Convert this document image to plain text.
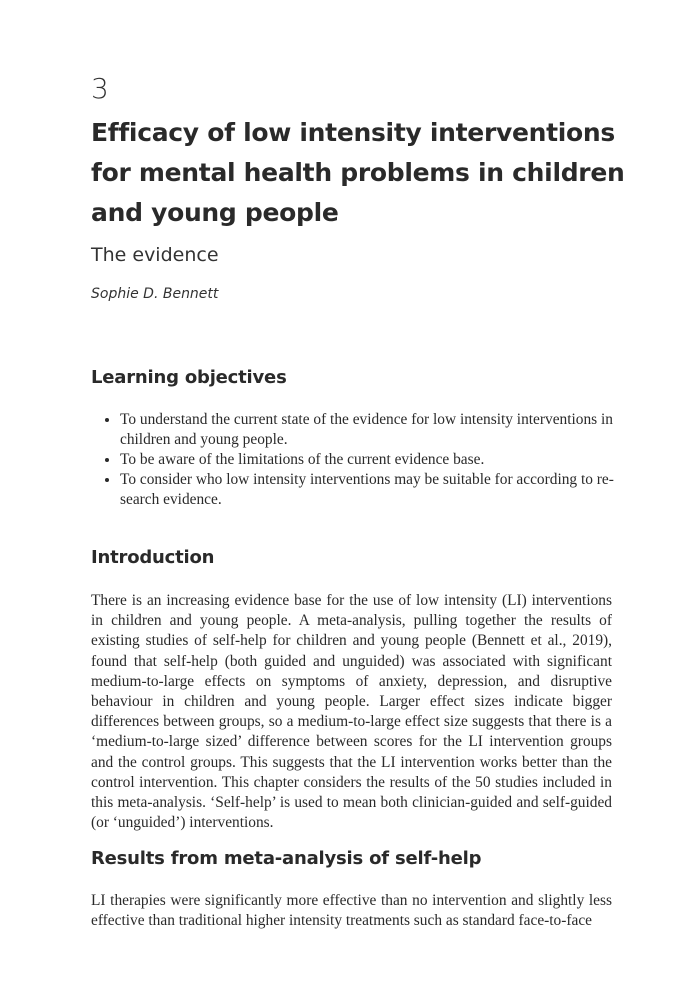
3
Efficacy of low intensity interventions for mental health problems in children and young people
The evidence
Sophie D. Bennett
Learning objectives
• To understand the current state of the evidence for low intensity interventions in children and young people.
• To be aware of the limitations of the current evidence base.
• To consider who low intensity interventions may be suitable for according to research evidence.
Introduction

There is an increasing evidence base for the use of low intensity (LI) interventions in children and young people. A meta-analysis, pulling together the results of existing studies of self-help for children and young people (Bennett et al., 2019), found that self-help (both guided and unguided) was associated with significant medium-to-large effects on symptoms of anxiety, depression, and disruptive behaviour in children and young people. Larger effect sizes indicate bigger differences between groups, so a medium-to-large effect size suggests that there is a ‘medium-to-large sized’ difference between scores for the LI intervention groups and the control groups. This suggests that the LI intervention works better than the control intervention. This chapter considers the results of the 50 studies included in this meta-analysis. ‘Self-help’ is used to mean both clinician-guided and self-guided (or ‘unguided’) interventions.

Results from meta-analysis of self-help

LI therapies were significantly more effective than no intervention and slightly less effective than traditional higher intensity treatments such as standard face-to-face
